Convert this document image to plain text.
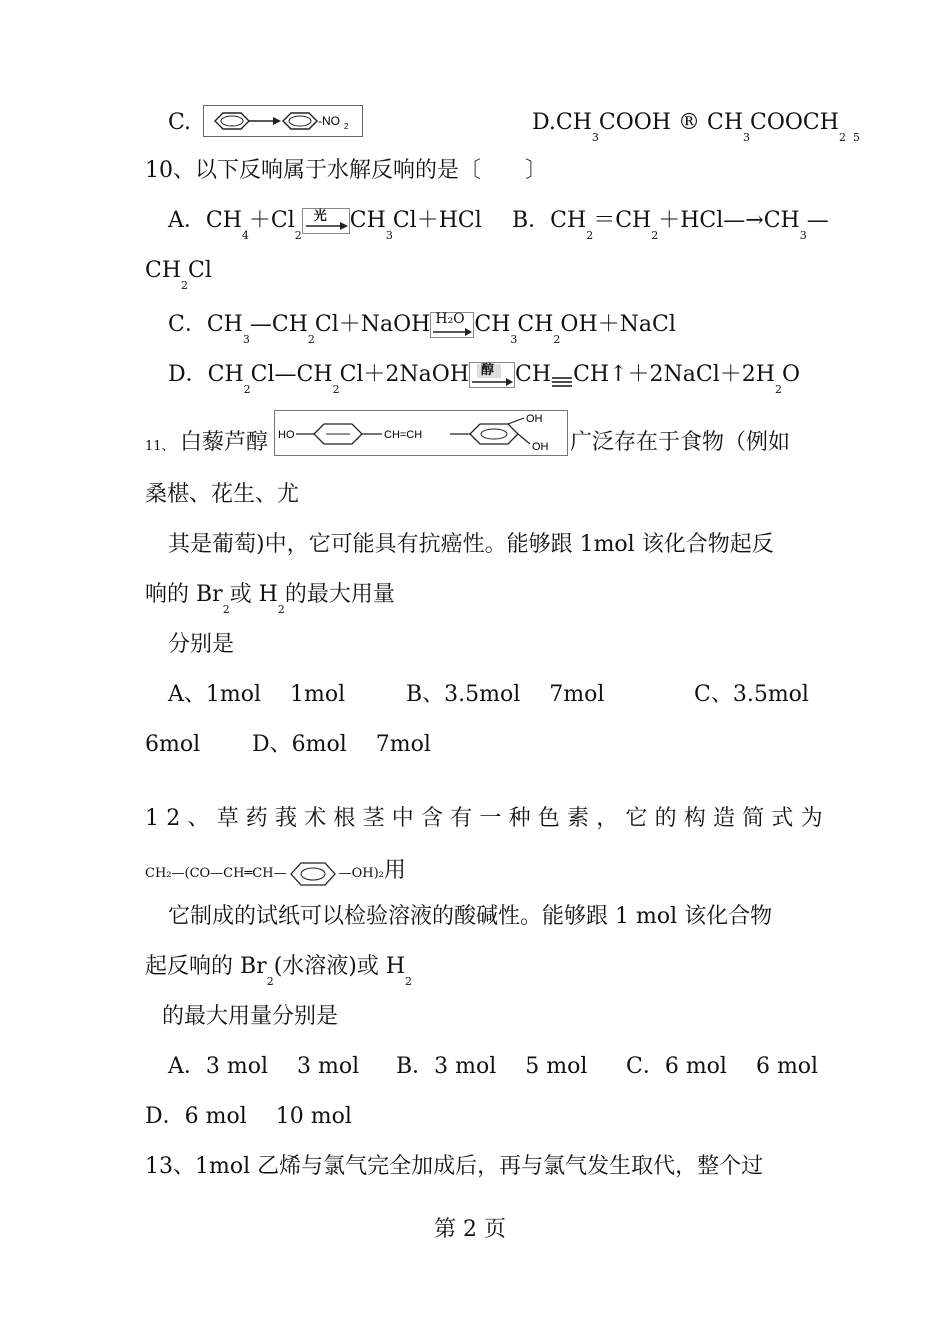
C.	-NO 2	$D.CH_3COOH$ ® $CH_3COOCH_2$ $_5$
10、以下反响属于水解反响的是〔　　〕
A．$CH_4+Cl_2$
光 $CH_3Cl+HCl$ B．$CH_2=CH_2+HCl—\to CH_3—$
$CH_2Cl$
C．$CH_3—CH_2Cl+NaOH$ H₂O $CH_3CH_2OH+NaCl$
D．$CH_2Cl—CH_2Cl+2NaOH$ 醇 CH $CH↑+2NaCl+2H_2O$
11、 白藜芦醇 HO	CH=CH
OH
OH 广泛存在于食物（例如
桑椹、花生、尤
其是葡萄)中，它可能具有抗癌性。能够跟 1mol 该化合物起反
响的 $Br_2$或 $H_2$的最大用量
分别是
A、1mol　 1mol	B、3.5mol　 7mol	C、3.5mol
6mol D、6mol　 7mol
12、草药莪术根茎中含有一种色素，它的构造简式为
CH₂—(CO—CH═CH—	—OH)₂用
它制成的试纸可以检验溶液的酸碱性。能够跟 1 mol 该化合物
起反响的 $Br_2$(水溶液)或 $H_2$
的最大用量分别是
A．3 mol　 3 mol B．3 mol　 5 mol C．6 mol　 6 mol
D．6 mol　 10 mol
13、1mol 乙烯与氯气完全加成后，再与氯气发生取代，整个过
第 2 页
